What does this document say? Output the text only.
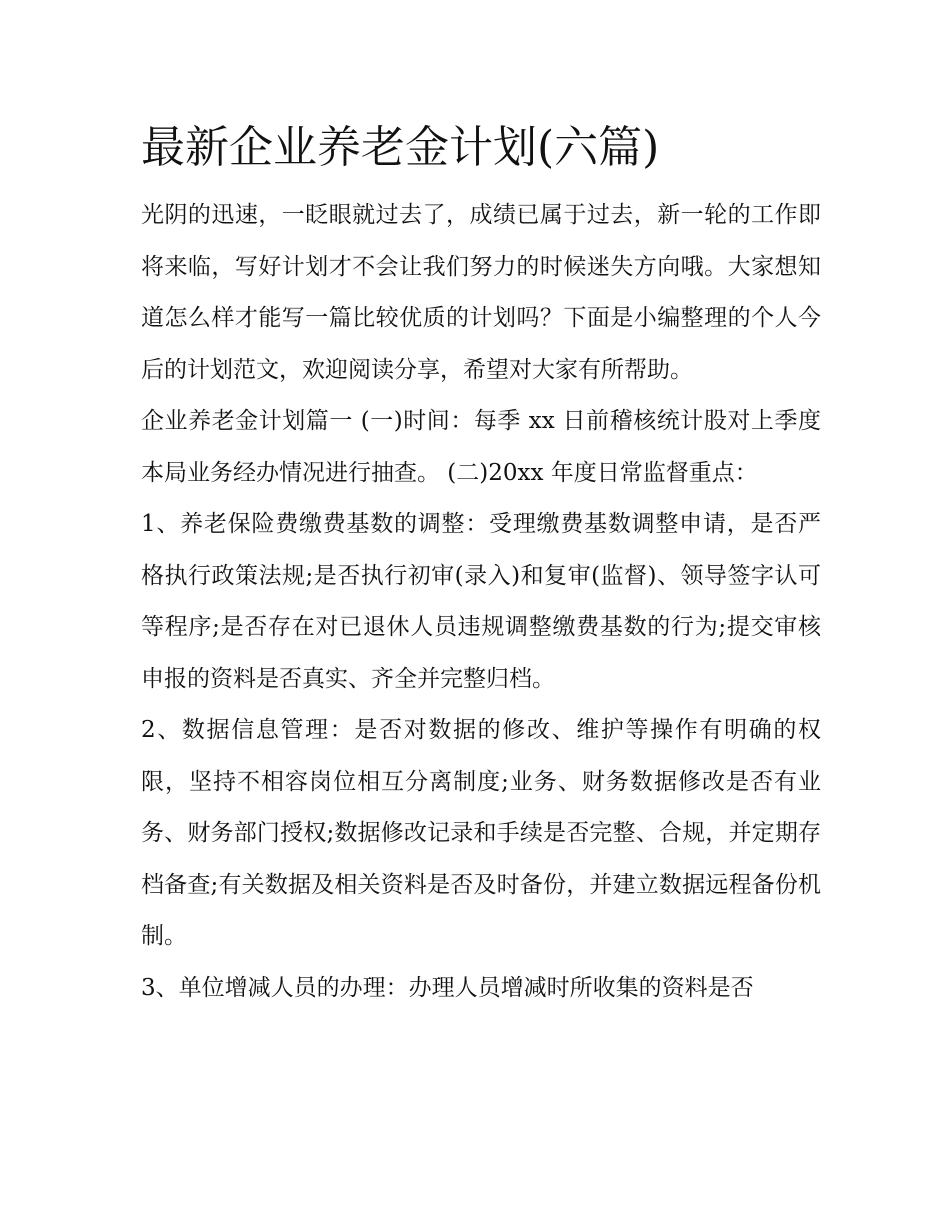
最新企业养老金计划(六篇)

光阴的迅速，一眨眼就过去了，成绩已属于过去，新一轮的工作即将来临，写好计划才不会让我们努力的时候迷失方向哦。大家想知道怎么样才能写一篇比较优质的计划吗？下面是小编整理的个人今后的计划范文，欢迎阅读分享，希望对大家有所帮助。

企业养老金计划篇一 (一)时间：每季 xx 日前稽核统计股对上季度本局业务经办情况进行抽查。 (二)20xx 年度日常监督重点：

1、养老保险费缴费基数的调整：受理缴费基数调整申请，是否严格执行政策法规;是否执行初审(录入)和复审(监督)、领导签字认可等程序;是否存在对已退休人员违规调整缴费基数的行为;提交审核申报的资料是否真实、齐全并完整归档。

2、数据信息管理：是否对数据的修改、维护等操作有明确的权限，坚持不相容岗位相互分离制度;业务、财务数据修改是否有业务、财务部门授权;数据修改记录和手续是否完整、合规，并定期存档备查;有关数据及相关资料是否及时备份，并建立数据远程备份机制。

3、单位增减人员的办理：办理人员增减时所收集的资料是否
